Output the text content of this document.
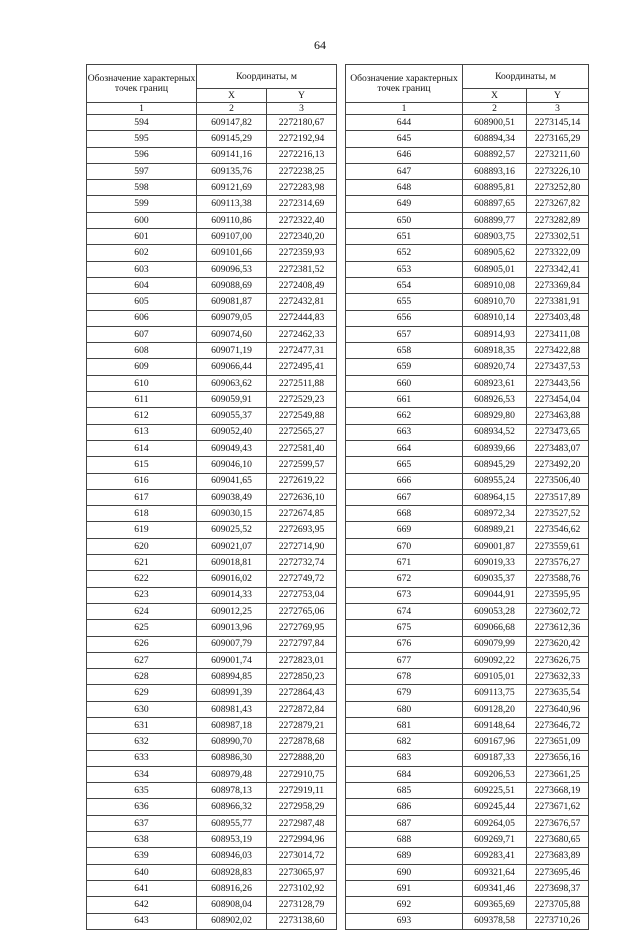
64
Обозначение характерных точек границ	Координаты, м	
	X	Y
1	2	3
594	609147,82	2272180,67
595	609145,29	2272192,94
596	609141,16	2272216,13
597	609135,76	2272238,25
598	609121,69	2272283,98
599	609113,38	2272314,69
600	609110,86	2272322,40
601	609107,00	2272340,20
602	609101,66	2272359,93
603	609096,53	2272381,52
604	609088,69	2272408,49
605	609081,87	2272432,81
606	609079,05	2272444,83
607	609074,60	2272462,33
608	609071,19	2272477,31
609	609066,44	2272495,41
610	609063,62	2272511,88
611	609059,91	2272529,23
612	609055,37	2272549,88
613	609052,40	2272565,27
614	609049,43	2272581,40
615	609046,10	2272599,57
616	609041,65	2272619,22
617	609038,49	2272636,10
618	609030,15	2272674,85
619	609025,52	2272693,95
620	609021,07	2272714,90
621	609018,81	2272732,74
622	609016,02	2272749,72
623	609014,33	2272753,04
624	609012,25	2272765,06
625	609013,96	2272769,95
626	609007,79	2272797,84
627	609001,74	2272823,01
628	608994,85	2272850,23
629	608991,39	2272864,43
630	608981,43	2272872,84
631	608987,18	2272879,21
632	608990,70	2272878,68
633	608986,30	2272888,20
634	608979,48	2272910,75
635	608978,13	2272919,11
636	608966,32	2272958,29
637	608955,77	2272987,48
638	608953,19	2272994,96
639	608946,03	2273014,72
640	608928,83	2273065,97
641	608916,26	2273102,92
642	608908,04	2273128,79
643	608902,02	2273138,60
Обозначение характерных точек границ	Координаты, м	
	X	Y
1	2	3
644	608900,51	2273145,14
645	608894,34	2273165,29
646	608892,57	2273211,60
647	608893,16	2273226,10
648	608895,81	2273252,80
649	608897,65	2273267,82
650	608899,77	2273282,89
651	608903,75	2273302,51
652	608905,62	2273322,09
653	608905,01	2273342,41
654	608910,08	2273369,84
655	608910,70	2273381,91
656	608910,14	2273403,48
657	608914,93	2273411,08
658	608918,35	2273422,88
659	608920,74	2273437,53
660	608923,61	2273443,56
661	608926,53	2273454,04
662	608929,80	2273463,88
663	608934,52	2273473,65
664	608939,66	2273483,07
665	608945,29	2273492,20
666	608955,24	2273506,40
667	608964,15	2273517,89
668	608972,34	2273527,52
669	608989,21	2273546,62
670	609001,87	2273559,61
671	609019,33	2273576,27
672	609035,37	2273588,76
673	609044,91	2273595,95
674	609053,28	2273602,72
675	609066,68	2273612,36
676	609079,99	2273620,42
677	609092,22	2273626,75
678	609105,01	2273632,33
679	609113,75	2273635,54
680	609128,20	2273640,96
681	609148,64	2273646,72
682	609167,96	2273651,09
683	609187,33	2273656,16
684	609206,53	2273661,25
685	609225,51	2273668,19
686	609245,44	2273671,62
687	609264,05	2273676,57
688	609269,71	2273680,65
689	609283,41	2273683,89
690	609321,64	2273695,46
691	609341,46	2273698,37
692	609365,69	2273705,88
693	609378,58	2273710,26
